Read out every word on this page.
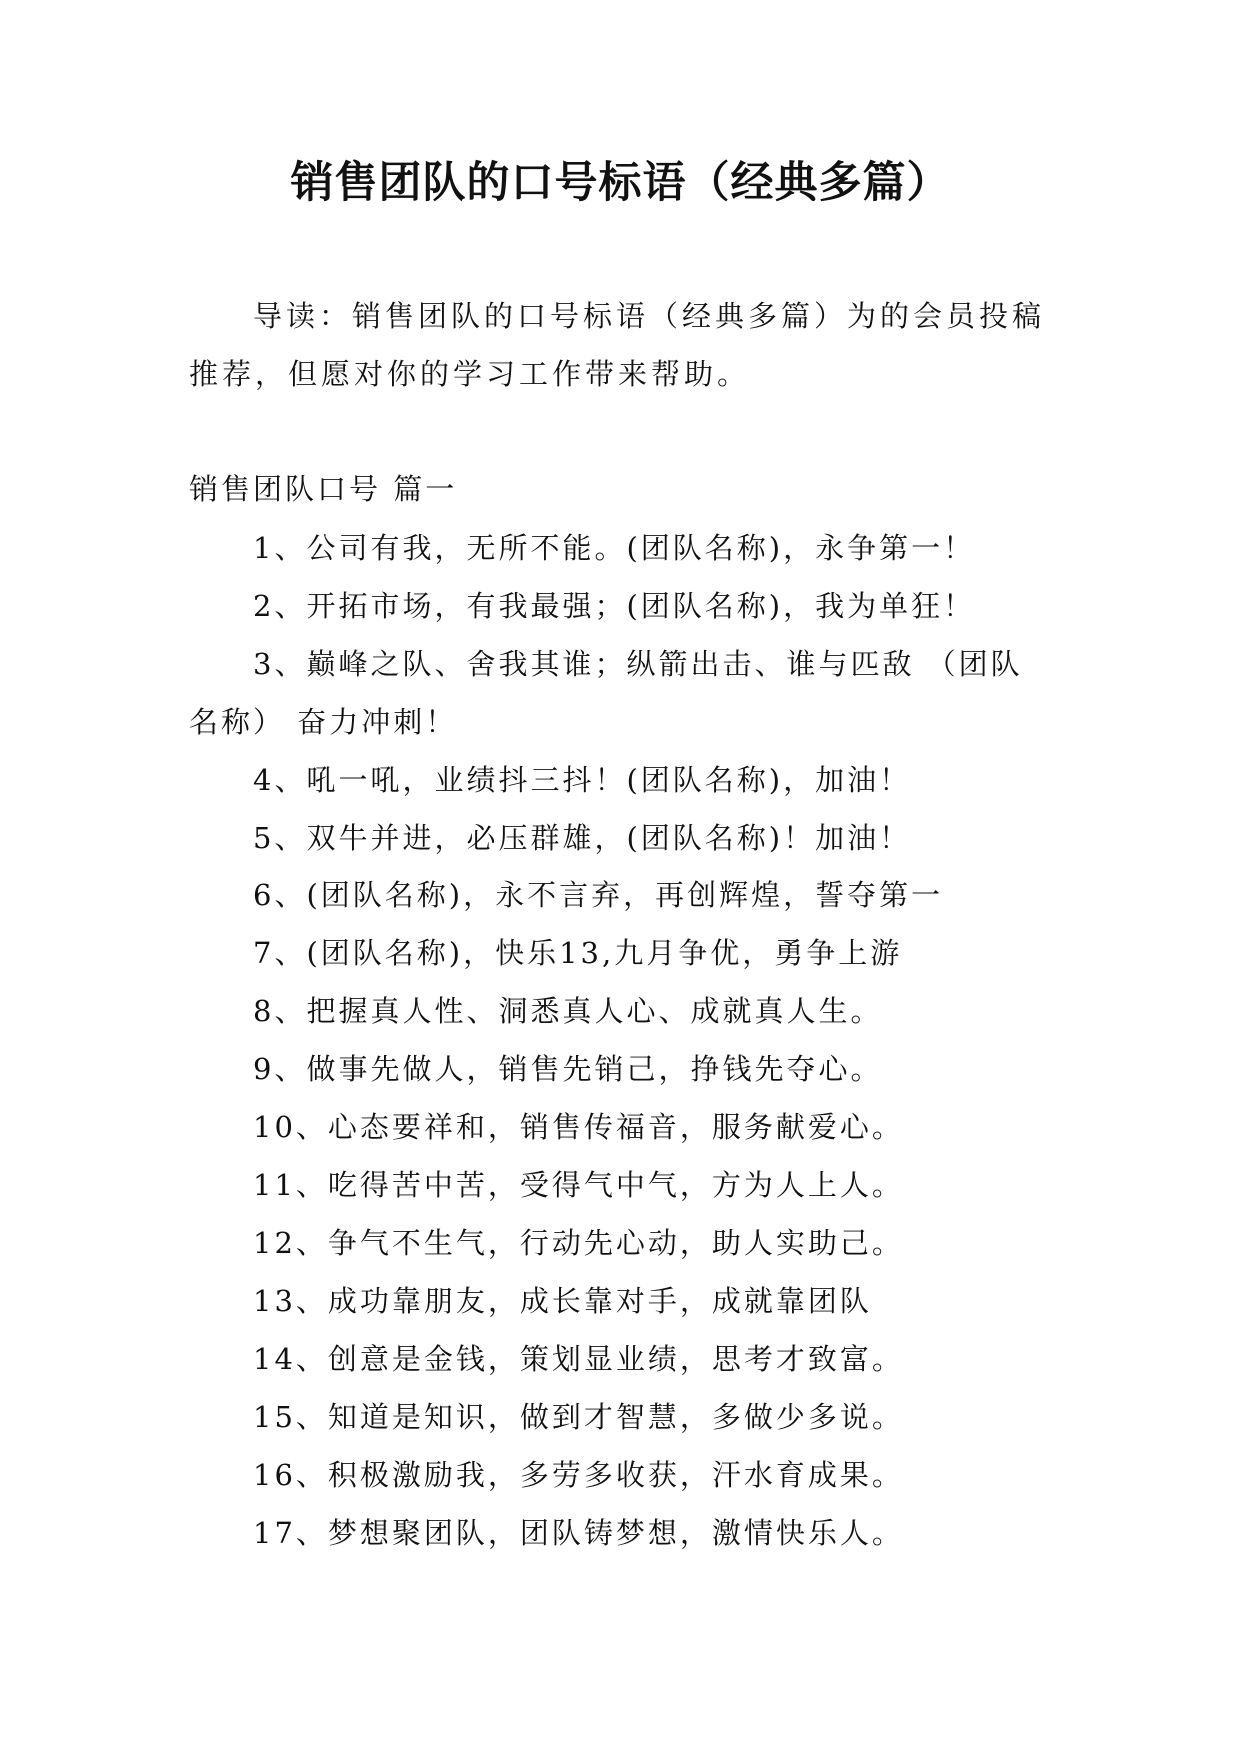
销售团队的口号标语（经典多篇）
导读：销售团队的口号标语（经典多篇）为的会员投稿
推荐，但愿对你的学习工作带来帮助。
销售团队口号 篇一
1、公司有我，无所不能。(团队名称)，永争第一！
2、开拓市场，有我最强；(团队名称)，我为单狂！
3、巅峰之队、舍我其谁；纵箭出击、谁与匹敌 （团队
名称） 奋力冲刺！
4、吼一吼，业绩抖三抖！(团队名称)，加油！
5、双牛并进，必压群雄，(团队名称)！加油！
6、(团队名称)，永不言弃，再创辉煌，誓夺第一
7、(团队名称)，快乐13,九月争优，勇争上游
8、把握真人性、洞悉真人心、成就真人生。
9、做事先做人，销售先销己，挣钱先夺心。
10、心态要祥和，销售传福音，服务献爱心。
11、吃得苦中苦，受得气中气，方为人上人。
12、争气不生气，行动先心动，助人实助己。
13、成功靠朋友，成长靠对手，成就靠团队
14、创意是金钱，策划显业绩，思考才致富。
15、知道是知识，做到才智慧，多做少多说。
16、积极激励我，多劳多收获，汗水育成果。
17、梦想聚团队，团队铸梦想，激情快乐人。
